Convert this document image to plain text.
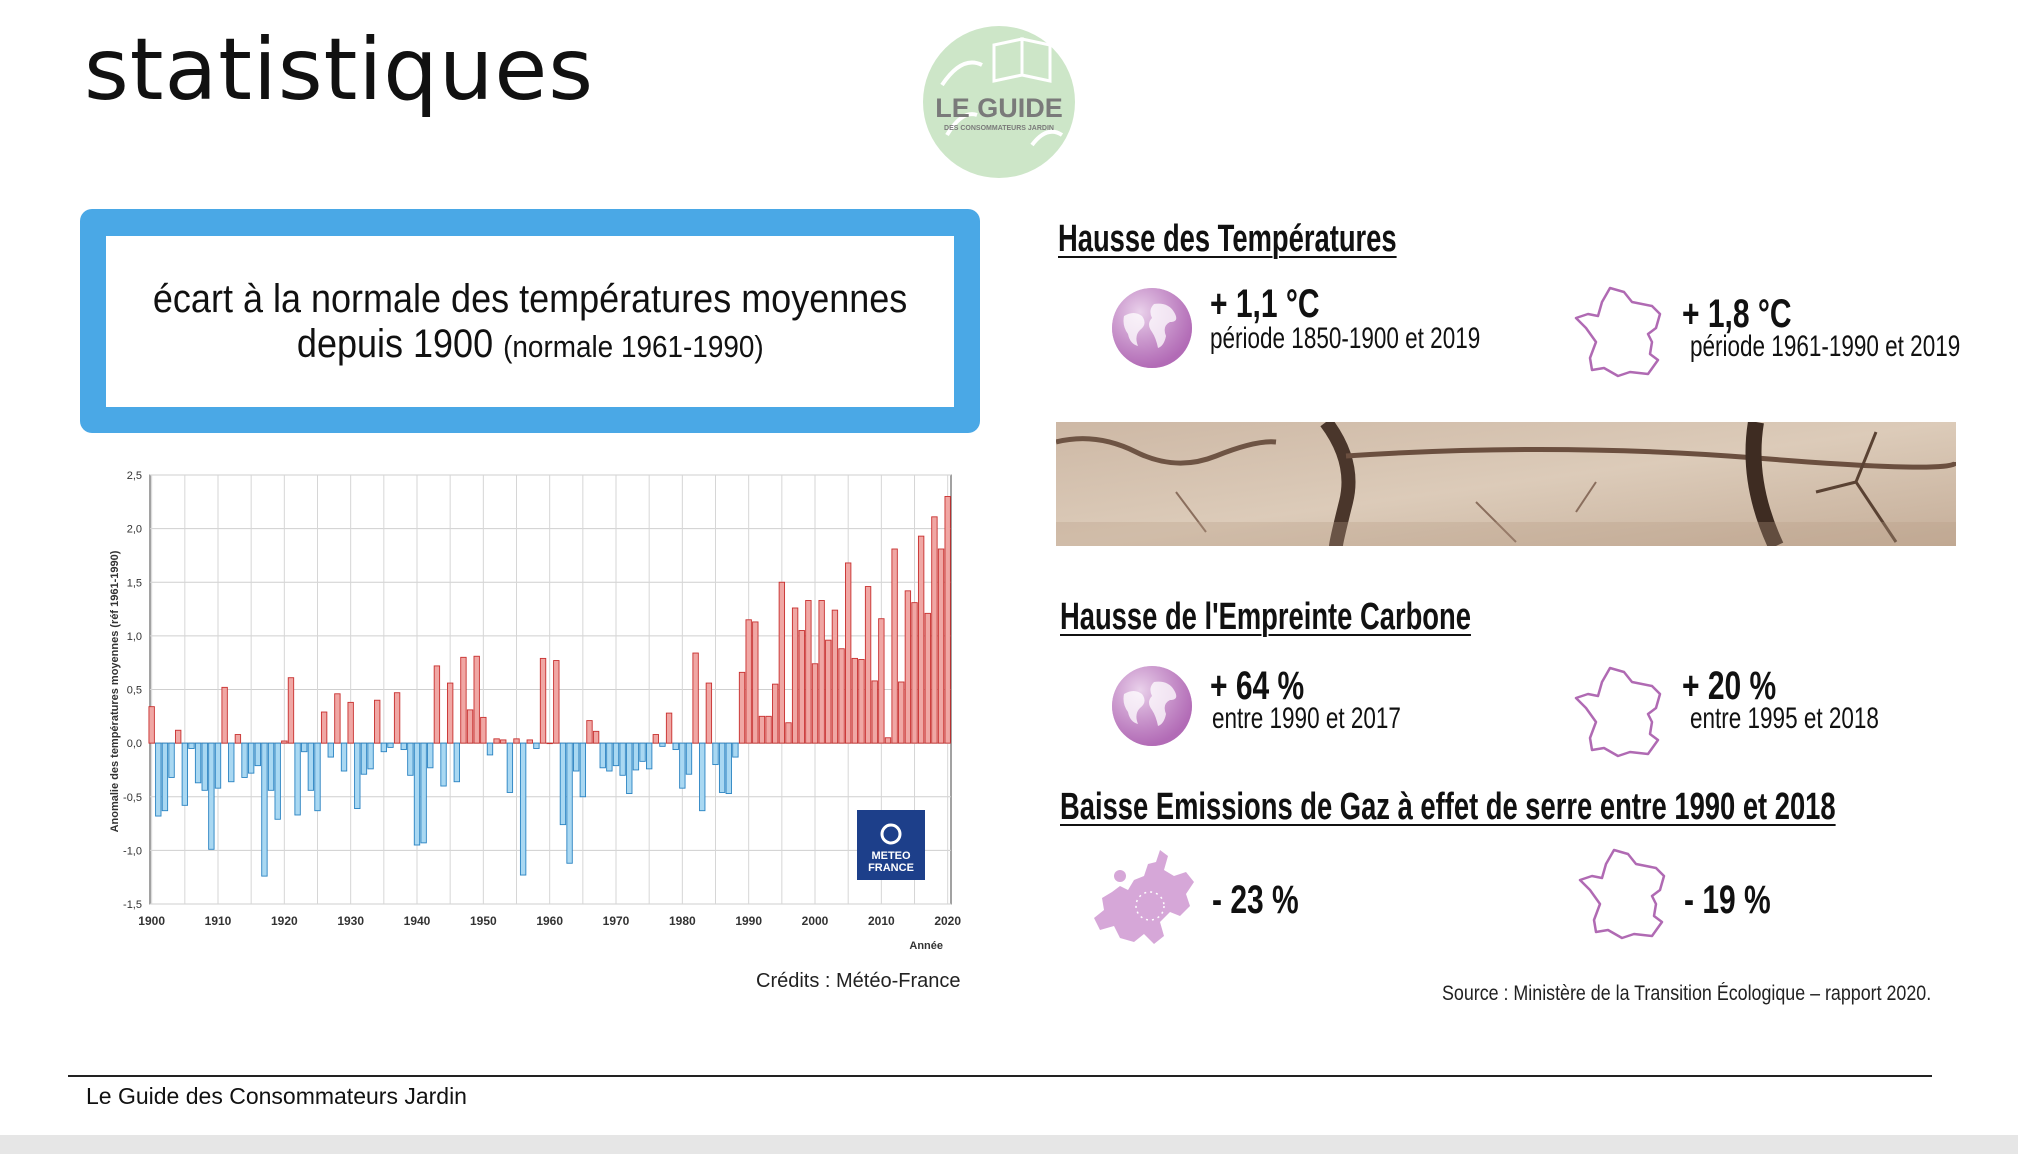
statistiques	LE GUIDE
DES CONSOMMATEURS JARDIN
écart à la normale des températures moyennes
depuis 1900 (normale 1961-1990)
2,5
2,0
1,5
1,0
0,5
0,0
-0,5
-1,0
-1,5
1900	1910	1920	1930	1940	1950	1960	1970	1980	1990	2000	2010	2020
Année
Anomalie des températures moyennes (réf 1961-1990)
METEO
FRANCE
Crédits : Météo-France
Hausse des Températures
+ 1,1 °C
période 1850-1900 et 2019
+ 1,8 °C
période 1961-1990 et 2019
Hausse de l'Empreinte Carbone
+ 64 %
entre 1990 et 2017
+ 20 %
entre 1995 et 2018
Baisse Emissions de Gaz à effet de serre entre 1990 et 2018
- 23 %	- 19 %
Source : Ministère de la Transition Écologique – rapport 2020.
Le Guide des Consommateurs Jardin
